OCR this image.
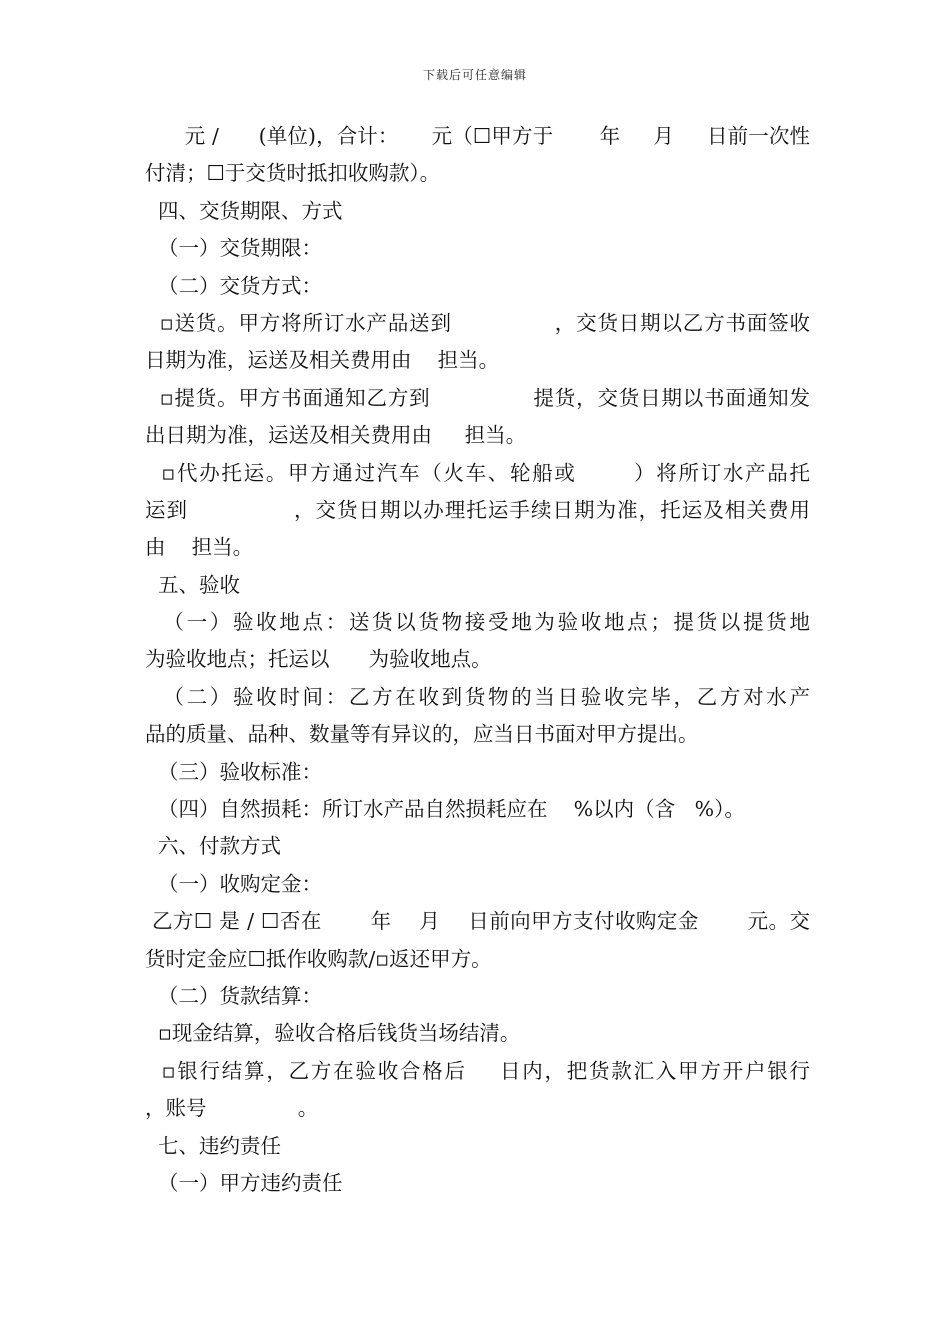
下载后可任意编辑
元 /      (单位)，合计：     元（☐甲方于       年     月     日前一次性
付清；☐于交货时抵扣收购款）。
四、交货期限、方式
（一）交货期限：
（二）交货方式：
▫送货。甲方将所订水产品送到              ，交货日期以乙方书面签收
日期为准，运送及相关费用由    担当。
▫提货。甲方书面通知乙方到              提货，交货日期以书面通知发
出日期为准，运送及相关费用由     担当。
▫代办托运。甲方通过汽车（火车、轮船或       ）将所订水产品托
运到              ，交货日期以办理托运手续日期为准，托运及相关费用
由    担当。
五、验收
（一）验收地点：送货以货物接受地为验收地点；提货以提货地
为验收地点；托运以      为验收地点。
（二）验收时间：乙方在收到货物的当日验收完毕，乙方对水产
品的质量、品种、数量等有异议的，应当日书面对甲方提出。
（三）验收标准：
（四）自然损耗：所订水产品自然损耗应在    %以内（含   %）。
六、付款方式
（一）收购定金：
乙方☐ 是 / ☐否在       年    月    日前向甲方支付收购定金       元。交
货时定金应☐抵作收购款/▫返还甲方。
（二）货款结算：
▫现金结算，验收合格后钱货当场结清。
▫银行结算，乙方在验收合格后    日内，把货款汇入甲方开户银行
，账号              。
七、违约责任
（一）甲方违约责任
